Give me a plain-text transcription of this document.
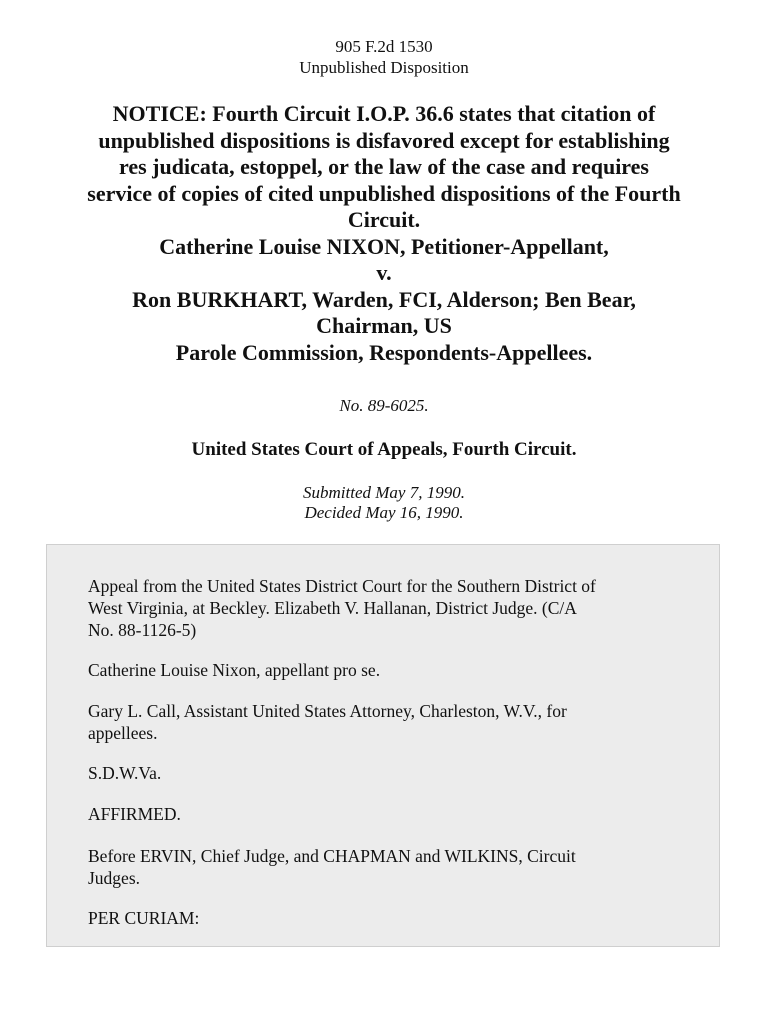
905 F.2d 1530
Unpublished Disposition
NOTICE: Fourth Circuit I.O.P. 36.6 states that citation of
unpublished dispositions is disfavored except for establishing
res judicata, estoppel, or the law of the case and requires
service of copies of cited unpublished dispositions of the Fourth
Circuit.
Catherine Louise NIXON, Petitioner-Appellant,
v.
Ron BURKHART, Warden, FCI, Alderson; Ben Bear,
Chairman, US
Parole Commission, Respondents-Appellees.
No. 89-6025.
United States Court of Appeals, Fourth Circuit.
Submitted May 7, 1990.
Decided May 16, 1990.
Appeal from the United States District Court for the Southern District of
West Virginia, at Beckley. Elizabeth V. Hallanan, District Judge. (C/A
No. 88-1126-5)
Catherine Louise Nixon, appellant pro se.
Gary L. Call, Assistant United States Attorney, Charleston, W.V., for
appellees.
S.D.W.Va.
AFFIRMED.
Before ERVIN, Chief Judge, and CHAPMAN and WILKINS, Circuit
Judges.
PER CURIAM:
